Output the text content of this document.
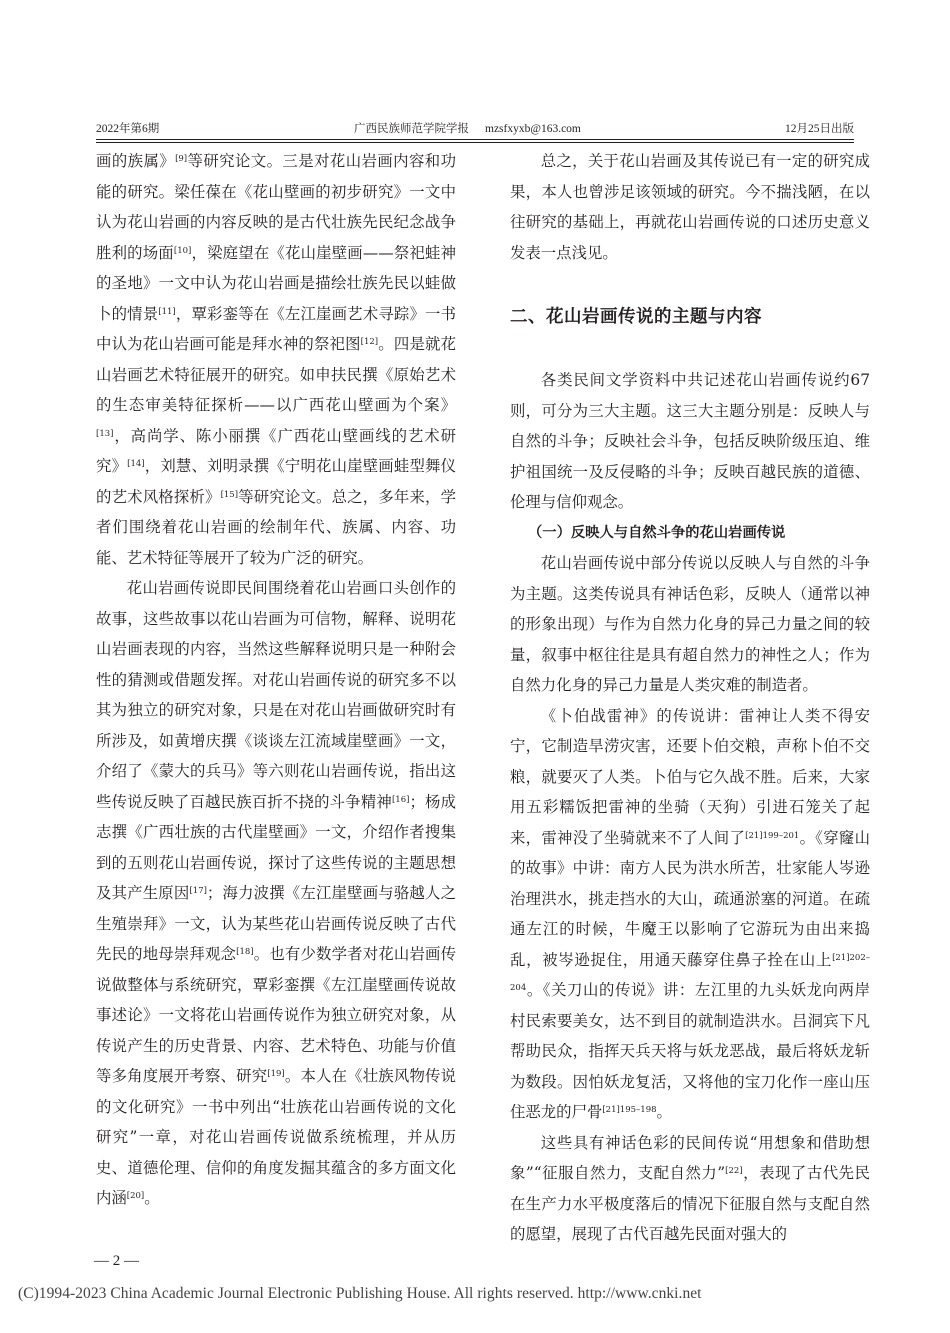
2022年第6期	广西民族师范学院学报 mzsfxyxb@163.com	12月25日出版

画的族属》[9]等研究论文。三是对花山岩画内容和功能的研究。梁任葆在《花山壁画的初步研究》一文中认为花山岩画的内容反映的是古代壮族先民纪念战争胜利的场面[10]，梁庭望在《花山崖壁画——祭祀蛙神的圣地》一文中认为花山岩画是描绘壮族先民以蛙做卜的情景[11]，覃彩銮等在《左江崖画艺术寻踪》一书中认为花山岩画可能是拜水神的祭祀图[12]。四是就花山岩画艺术特征展开的研究。如申扶民撰《原始艺术的生态审美特征探析——以广西花山壁画为个案》[13]，高尚学、陈小丽撰《广西花山壁画线的艺术研究》[14]，刘慧、刘明录撰《宁明花山崖壁画蛙型舞仪的艺术风格探析》[15]等研究论文。总之，多年来，学者们围绕着花山岩画的绘制年代、族属、内容、功能、艺术特征等展开了较为广泛的研究。

花山岩画传说即民间围绕着花山岩画口头创作的故事，这些故事以花山岩画为可信物，解释、说明花山岩画表现的内容，当然这些解释说明只是一种附会性的猜测或借题发挥。对花山岩画传说的研究多不以其为独立的研究对象，只是在对花山岩画做研究时有所涉及，如黄增庆撰《谈谈左江流域崖壁画》一文，介绍了《蒙大的兵马》等六则花山岩画传说，指出这些传说反映了百越民族百折不挠的斗争精神[16]；杨成志撰《广西壮族的古代崖壁画》一文，介绍作者搜集到的五则花山岩画传说，探讨了这些传说的主题思想及其产生原因[17]；海力波撰《左江崖壁画与骆越人之生殖崇拜》一文，认为某些花山岩画传说反映了古代先民的地母崇拜观念[18]。也有少数学者对花山岩画传说做整体与系统研究，覃彩銮撰《左江崖壁画传说故事述论》一文将花山岩画传说作为独立研究对象，从传说产生的历史背景、内容、艺术特色、功能与价值等多角度展开考察、研究[19]。本人在《壮族风物传说的文化研究》一书中列出“壮族花山岩画传说的文化研究”一章，对花山岩画传说做系统梳理，并从历史、道德伦理、信仰的角度发掘其蕴含的多方面文化内涵[20]。

总之，关于花山岩画及其传说已有一定的研究成果，本人也曾涉足该领域的研究。今不揣浅陋，在以往研究的基础上，再就花山岩画传说的口述历史意义发表一点浅见。

二、花山岩画传说的主题与内容

各类民间文学资料中共记述花山岩画传说约67则，可分为三大主题。这三大主题分别是：反映人与自然的斗争；反映社会斗争，包括反映阶级压迫、维护祖国统一及反侵略的斗争；反映百越民族的道德、伦理与信仰观念。

（一）反映人与自然斗争的花山岩画传说

花山岩画传说中部分传说以反映人与自然的斗争为主题。这类传说具有神话色彩，反映人（通常以神的形象出现）与作为自然力化身的异己力量之间的较量，叙事中枢往往是具有超自然力的神性之人；作为自然力化身的异己力量是人类灾难的制造者。

《卜伯战雷神》的传说讲：雷神让人类不得安宁，它制造旱涝灾害，还要卜伯交粮，声称卜伯不交粮，就要灭了人类。卜伯与它久战不胜。后来，大家用五彩糯饭把雷神的坐骑（天狗）引进石笼关了起来，雷神没了坐骑就来不了人间了$^{[21]199-201}$。《穿窿山的故事》中讲：南方人民为洪水所苦，壮家能人岑逊治理洪水，挑走挡水的大山，疏通淤塞的河道。在疏通左江的时候，牛魔王以影响了它游玩为由出来捣乱，被岑逊捉住，用通天藤穿住鼻子拴在山上$^{[21]202-204}$。《关刀山的传说》讲：左江里的九头妖龙向两岸村民索要美女，达不到目的就制造洪水。吕洞宾下凡帮助民众，指挥天兵天将与妖龙恶战，最后将妖龙斩为数段。因怕妖龙复活，又将他的宝刀化作一座山压住恶龙的尸骨$^{[21]195-198}$。

这些具有神话色彩的民间传说“用想象和借助想象”“征服自然力，支配自然力”[22]，表现了古代先民在生产力水平极度落后的情况下征服自然与支配自然的愿望，展现了古代百越先民面对强大的

— 2 —
(C)1994-2023 China Academic Journal Electronic Publishing House. All rights reserved. http://www.cnki.net
